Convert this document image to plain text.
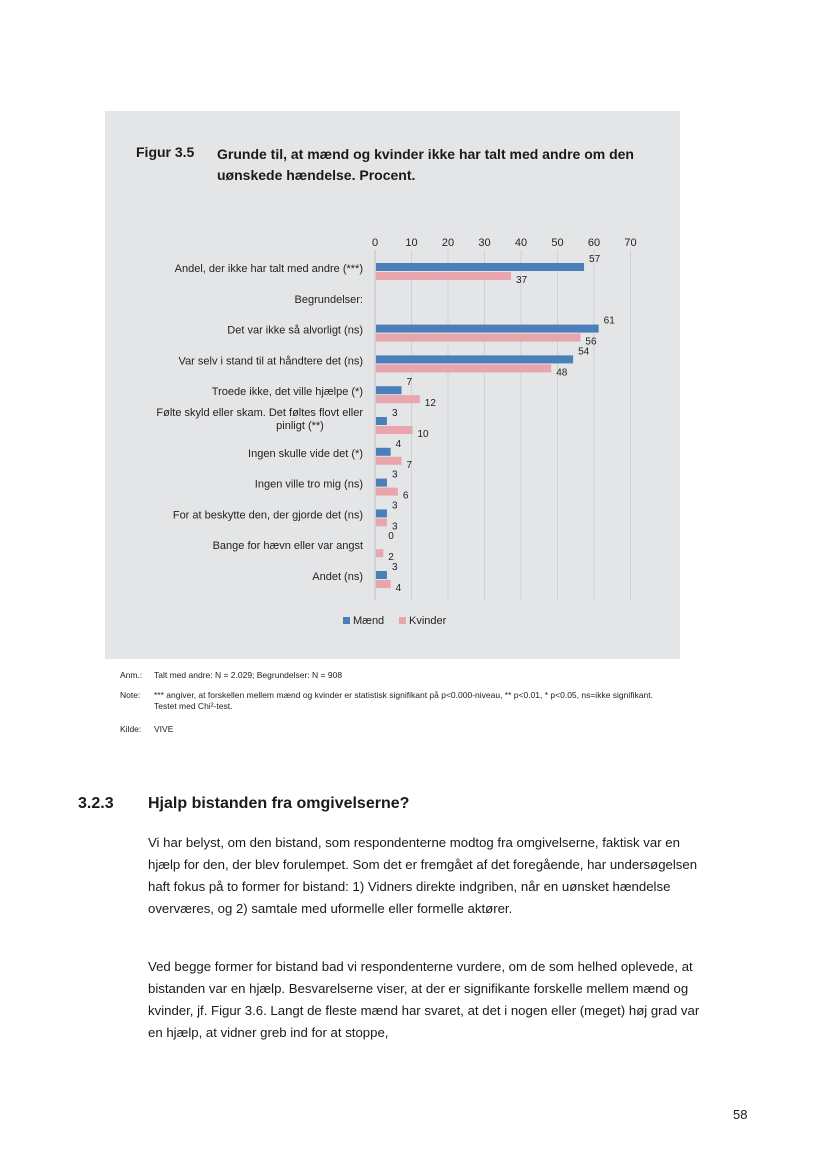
Figur 3.5 Grunde til, at mænd og kvinder ikke har talt med andre om den uønskede hændelse. Procent.
0 10 20 30 40 50 60 70
Andel, der ikke har talt med andre (***)
57
37
Begrundelser:
Det var ikke så alvorligt (ns)
61
56
Var selv i stand til at håndtere det (ns)
54
48
Troede ikke, det ville hjælpe (*)
7
12
Følte skyld eller skam. Det føltes flovt eller
pinligt (**)
3
10
Ingen skulle vide det (*)
4
7
Ingen ville tro mig (ns)
3
6
For at beskytte den, der gjorde det (ns)
3
3
Bange for hævn eller var angst
0
2
Andet (ns)
3
4
Mænd Kvinder
Anm.:	Talt med andre: N = 2.029; Begrundelser: N = 908
Note:	*** angiver, at forskellen mellem mænd og kvinder er statistisk signifikant på p<0.000-niveau, ** p<0.01, * p<0.05, ns=ikke signifikant. Testet med Chi²-test.
Kilde:	VIVE
3.2.3 Hjalp bistanden fra omgivelserne?

Vi har belyst, om den bistand, som respondenterne modtog fra omgivelserne, faktisk var en hjælp for den, der blev forulempet. Som det er fremgået af det foregående, har undersøgelsen haft fokus på to former for bistand: 1) Vidners direkte indgriben, når en uønsket hændelse overværes, og 2) samtale med uformelle eller formelle aktører.

Ved begge former for bistand bad vi respondenterne vurdere, om de som helhed oplevede, at bistanden var en hjælp. Besvarelserne viser, at der er signifikante forskelle mellem mænd og kvinder, jf. Figur 3.6. Langt de fleste mænd har svaret, at det i nogen eller (meget) høj grad var en hjælp, at vidner greb ind for at stoppe,

58
